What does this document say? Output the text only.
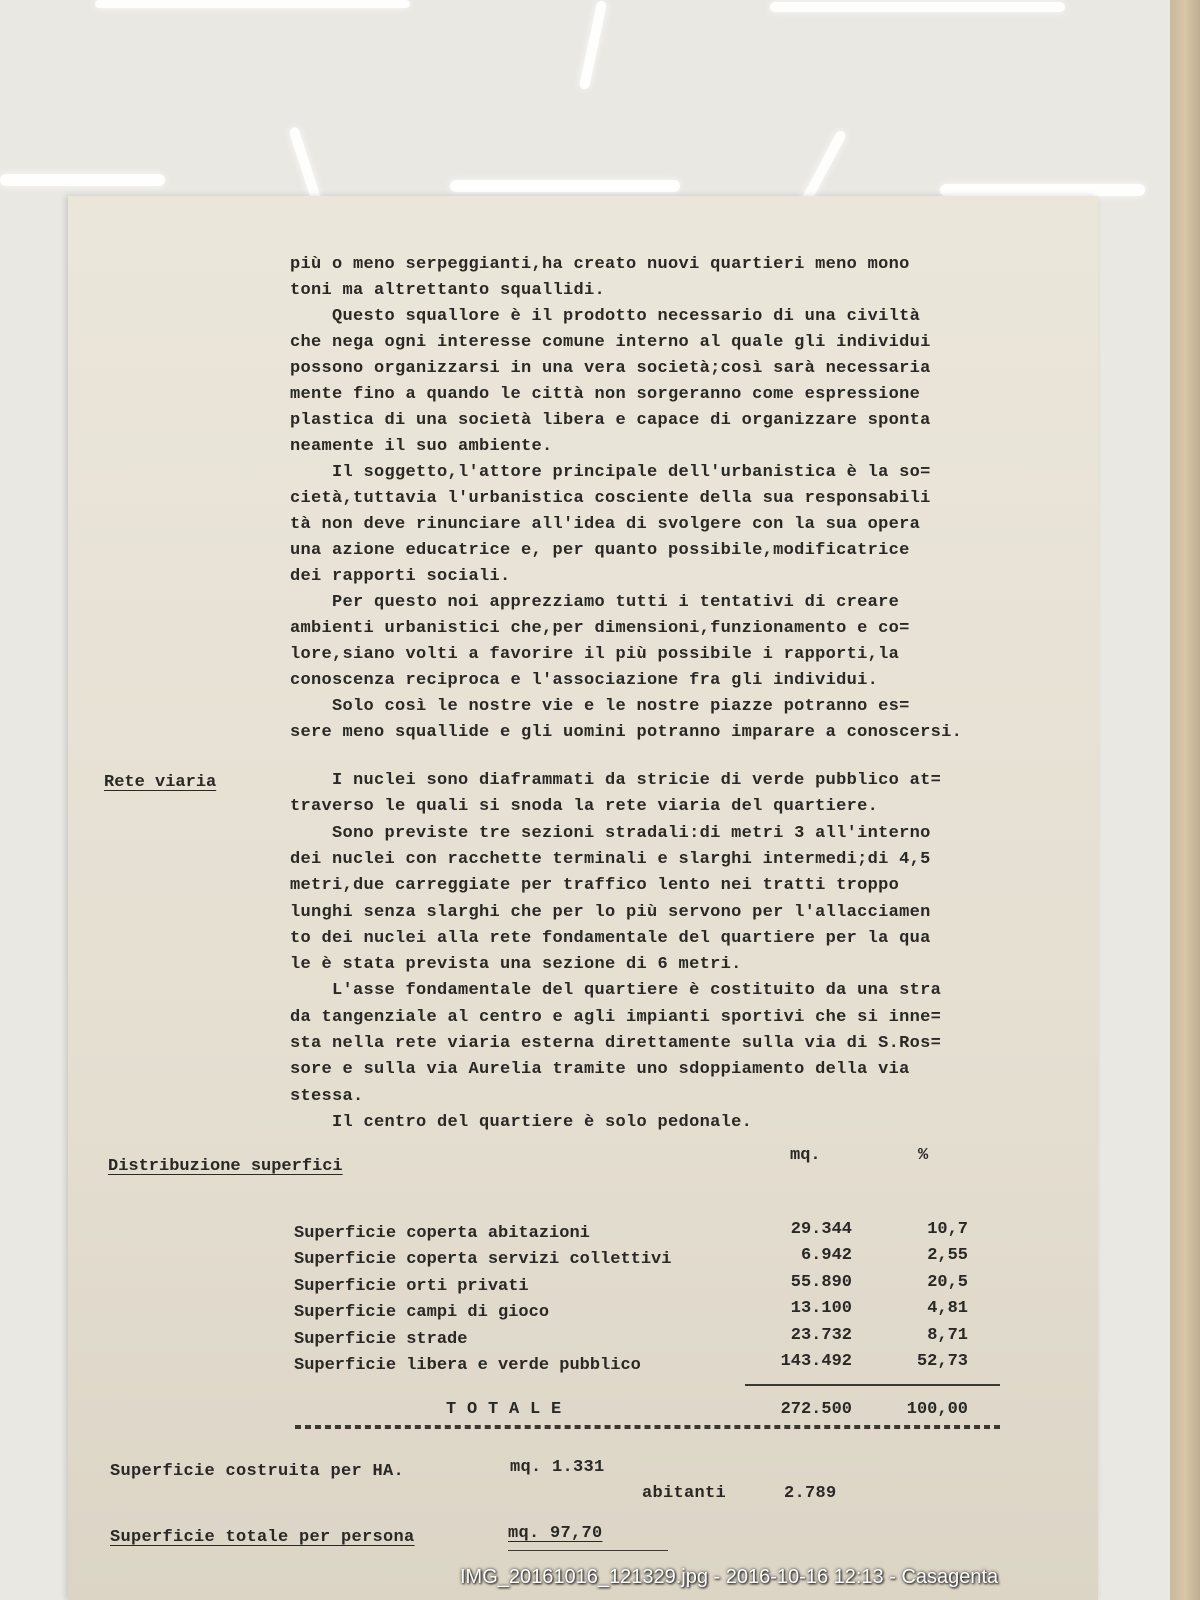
più o meno serpeggianti,ha creato nuovi quartieri meno mono
toni ma altrettanto squallidi.
Questo squallore è il prodotto necessario di una civiltà
che nega ogni interesse comune interno al quale gli individui
possono organizzarsi in una vera società;così sarà necessaria
mente fino a quando le città non sorgeranno come espressione
plastica di una società libera e capace di organizzare sponta
neamente il suo ambiente.
Il soggetto,l'attore principale dell'urbanistica è la so=
cietà,tuttavia l'urbanistica cosciente della sua responsabili
tà non deve rinunciare all'idea di svolgere con la sua opera
una azione educatrice e, per quanto possibile,modificatrice
dei rapporti sociali.
Per questo noi apprezziamo tutti i tentativi di creare
ambienti urbanistici che,per dimensioni,funzionamento e co=
lore,siano volti a favorire il più possibile i rapporti,la
conoscenza reciproca e l'associazione fra gli individui.
Solo così le nostre vie e le nostre piazze potranno es=
sere meno squallide e gli uomini potranno imparare a conoscersi.
Rete viaria	I nuclei sono diaframmati da stricie di verde pubblico at=
traverso le quali si snoda la rete viaria del quartiere.
Sono previste tre sezioni stradali:di metri 3 all'interno
dei nuclei con racchette terminali e slarghi intermedi;di 4,5
metri,due carreggiate per traffico lento nei tratti troppo
lunghi senza slarghi che per lo più servono per l'allacciamen
to dei nuclei alla rete fondamentale del quartiere per la qua
le è stata prevista una sezione di 6 metri.
L'asse fondamentale del quartiere è costituito da una stra
da tangenziale al centro e agli impianti sportivi che si inne=
sta nella rete viaria esterna direttamente sulla via di S.Ros=
sore e sulla via Aurelia tramite uno sdoppiamento della via
stessa.
Il centro del quartiere è solo pedonale.
Distribuzione superfici
mq.	%
Superficie coperta abitazioni	29.344	10,7
Superficie coperta servizi collettivi	6.942	2,55
Superficie orti privati	55.890	20,5
Superficie campi di gioco	13.100	4,81
Superficie strade	23.732	8,71
Superficie libera e verde pubblico	143.492	52,73
T O T A L E	272.500	100,00
Superficie costruita per HA.	mq. 1.331
abitanti	2.789
Superficie totale per persona	mq. 97,70
IMG_20161016_121329.jpg - 2016-10-16 12:13 - Casagenta
